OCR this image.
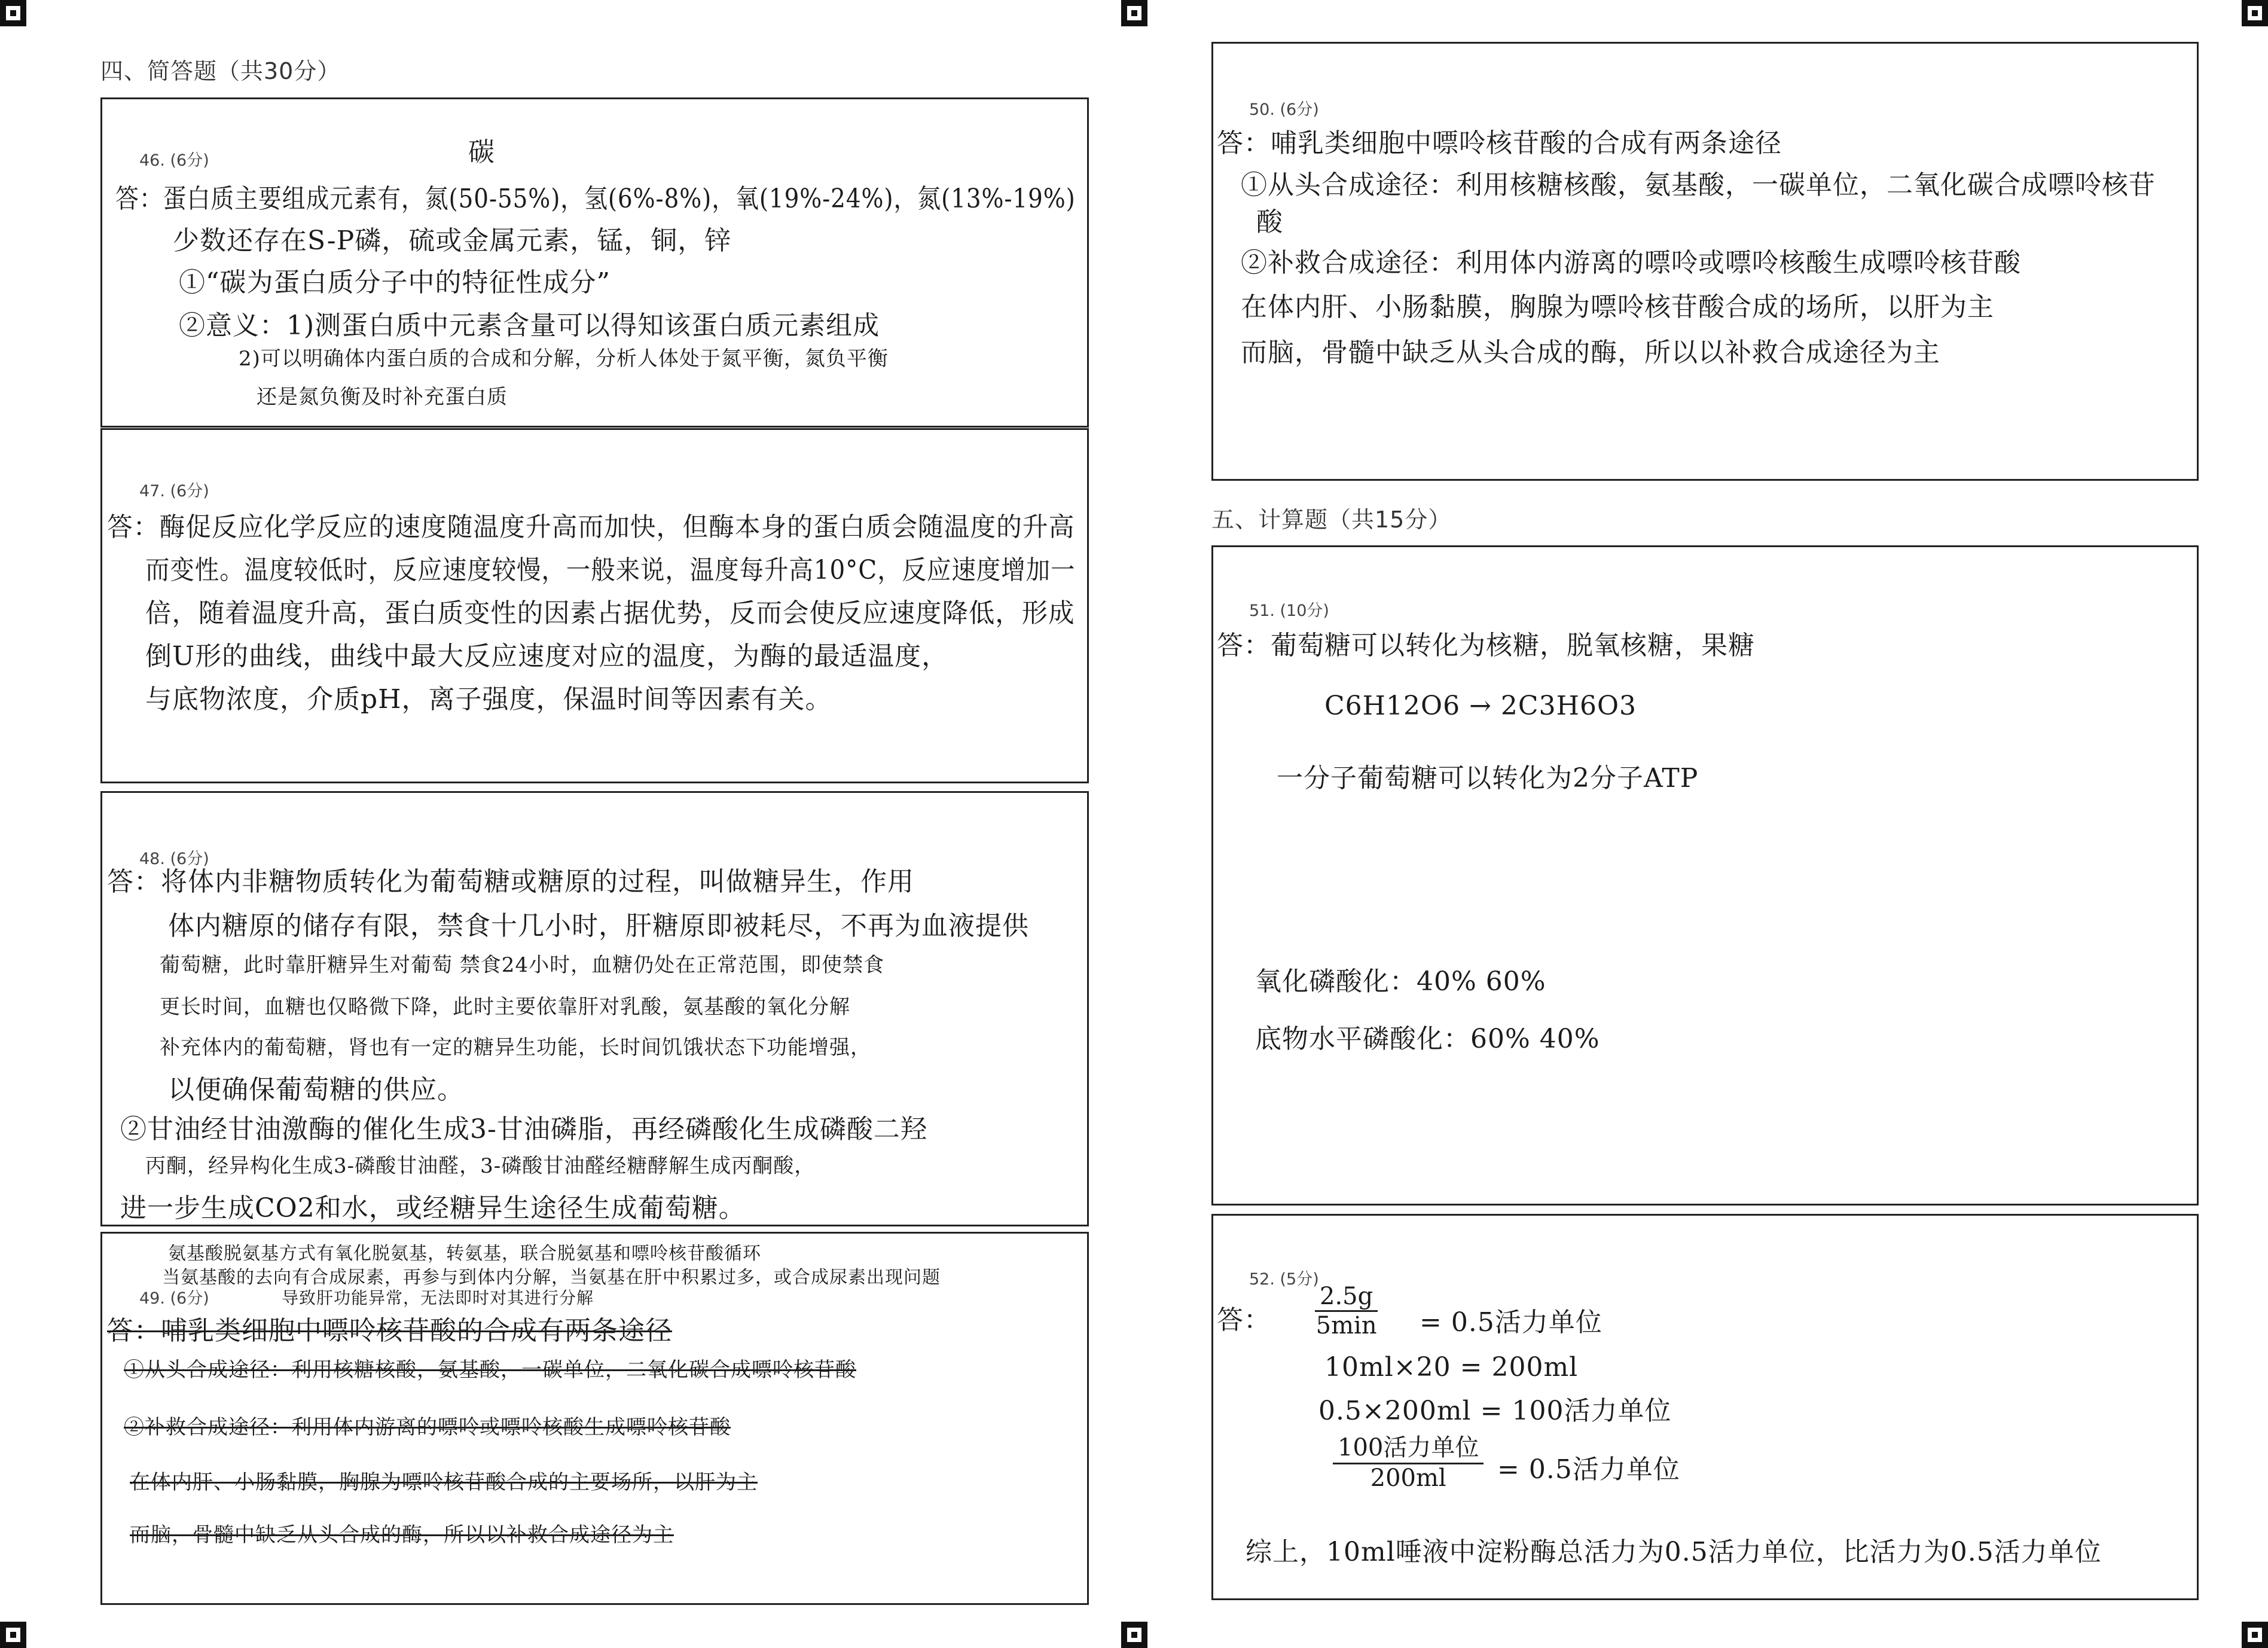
四、简答题（共30分）
46. (6分)	碳
答：蛋白质主要组成元素有，氮(50-55%)，氢(6%-8%)，氧(19%-24%)，氮(13%-19%)
少数还存在S-P磷，硫或金属元素，锰，铜，锌
①“碳为蛋白质分子中的特征性成分”
②意义：1)测蛋白质中元素含量可以得知该蛋白质元素组成
2)可以明确体内蛋白质的合成和分解，分析人体处于氮平衡，氮负平衡
还是氮负衡及时补充蛋白质
47. (6分)
答：酶促反应化学反应的速度随温度升高而加快，但酶本身的蛋白质会随温度的升高
而变性。温度较低时，反应速度较慢，一般来说，温度每升高10°C，反应速度增加一
倍，随着温度升高，蛋白质变性的因素占据优势，反而会使反应速度降低，形成
倒U形的曲线，曲线中最大反应速度对应的温度，为酶的最适温度，
与底物浓度，介质pH，离子强度，保温时间等因素有关。
48. (6分)
答：将体内非糖物质转化为葡萄糖或糖原的过程，叫做糖异生，作用
体内糖原的储存有限，禁食十几小时，肝糖原即被耗尽，不再为血液提供
葡萄糖，此时靠肝糖异生对葡萄 禁食24小时，血糖仍处在正常范围，即使禁食
更长时间，血糖也仅略微下降，此时主要依靠肝对乳酸，氨基酸的氧化分解
补充体内的葡萄糖，肾也有一定的糖异生功能，长时间饥饿状态下功能增强，
以便确保葡萄糖的供应。
②甘油经甘油激酶的催化生成3-甘油磷脂，再经磷酸化生成磷酸二羟
丙酮，经异构化生成3-磷酸甘油醛，3-磷酸甘油醛经糖酵解生成丙酮酸，
进一步生成CO2和水，或经糖异生途径生成葡萄糖。
氨基酸脱氨基方式有氧化脱氨基，转氨基，联合脱氨基和嘌呤核苷酸循环
当氨基酸的去向有合成尿素，再参与到体内分解，当氨基在肝中积累过多，或合成尿素出现问题
导致肝功能异常，无法即时对其进行分解
49. (6分)
答：哺乳类细胞中嘌呤核苷酸的合成有两条途径
①从头合成途径：利用核糖核酸，氨基酸，一碳单位，二氧化碳合成嘌呤核苷酸
②补救合成途径：利用体内游离的嘌呤或嘌呤核酸生成嘌呤核苷酸
在体内肝、小肠黏膜，胸腺为嘌呤核苷酸合成的主要场所，以肝为主
而脑，骨髓中缺乏从头合成的酶，所以以补救合成途径为主
50. (6分)
答：哺乳类细胞中嘌呤核苷酸的合成有两条途径
①从头合成途径：利用核糖核酸，氨基酸，一碳单位，二氧化碳合成嘌呤核苷
酸
②补救合成途径：利用体内游离的嘌呤或嘌呤核酸生成嘌呤核苷酸
在体内肝、小肠黏膜，胸腺为嘌呤核苷酸合成的场所，以肝为主
而脑，骨髓中缺乏从头合成的酶，所以以补救合成途径为主
五、计算题（共15分）
51. (10分)
答：葡萄糖可以转化为核糖，脱氧核糖，果糖
C6H12O6 → 2C3H6O3
一分子葡萄糖可以转化为2分子ATP
氧化磷酸化：40% 60%
底物水平磷酸化：60% 40%
52. (5分)
答：
2.5g
5min = 0.5活力单位
10ml×20 = 200ml
0.5×200ml = 100活力单位
100活力单位
200ml	= 0.5活力单位
综上，10ml唾液中淀粉酶总活力为0.5活力单位，比活力为0.5活力单位
